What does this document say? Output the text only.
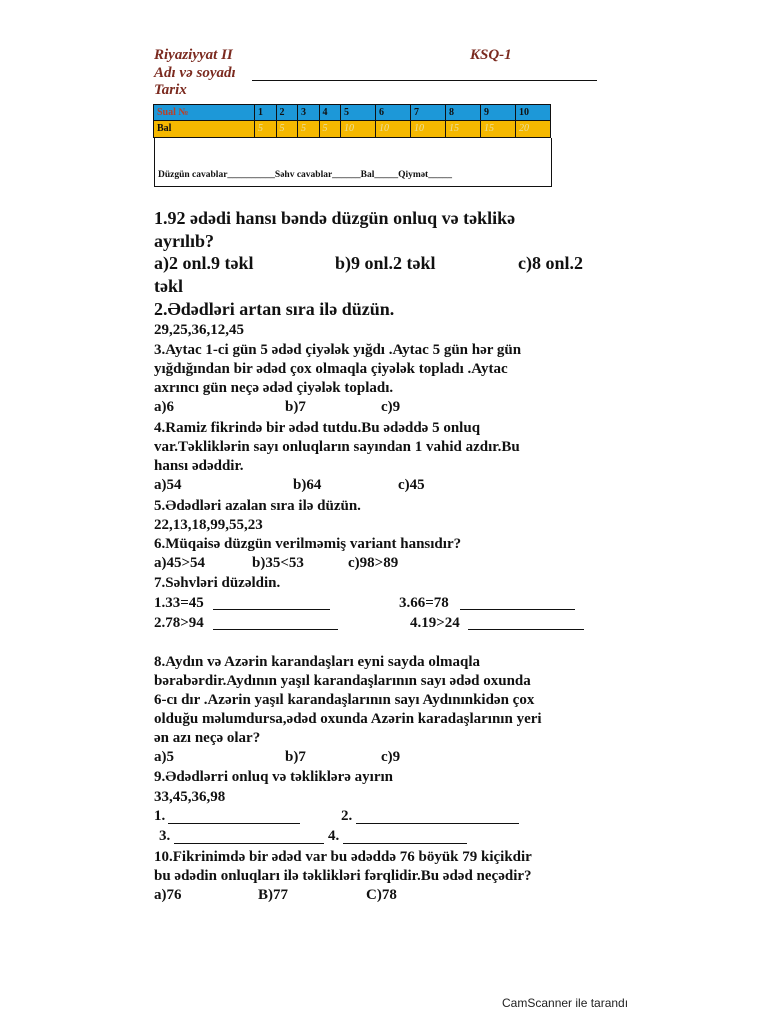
Riyaziyyat II	KSQ-1
Adı və soyadı
Tarix
Sual №	1	2	3	4	5	6	7	8	9	10
Bal	5	5	5	5	10	10	10	15	15	20
Düzgün cavablar__________Səhv cavablar______Bal_____Qiymət_____
1.92 ədədi hansı bəndə düzgün onluq və təklikə
ayrılıb?
a)2 onl.9 təkl	b)9 onl.2 təkl	c)8 onl.2
təkl
2.Ədədləri artan sıra ilə düzün.
29,25,36,12,45
3.Aytac 1-ci gün 5 ədəd çiyələk yığdı .Aytac 5 gün hər gün
yığdığından bir ədəd çox olmaqla çiyələk topladı .Aytac
axrıncı gün neçə ədəd çiyələk topladı.
a)6	b)7	c)9
4.Ramiz fikrində bir ədəd tutdu.Bu ədəddə 5 onluq
var.Təkliklərin sayı onluqların sayından 1 vahid azdır.Bu
hansı ədəddir.
a)54	b)64	c)45
5.Ədədləri azalan sıra ilə düzün.
22,13,18,99,55,23
6.Müqaisə düzgün verilməmiş variant hansıdır?
a)45>54	b)35<53	c)98>89
7.Səhvləri düzəldin.
1.33=45	3.66=78
2.78>94	4.19>24
8.Aydın və Azərin karandaşları eyni sayda olmaqla
bərabərdir.Aydının yaşıl karandaşlarının sayı ədəd oxunda
6-cı dır .Azərin yaşıl karandaşlarının sayı Aydınınkidən çox
olduğu məlumdursa,ədəd oxunda Azərin karadaşlarının yeri
ən azı neçə olar?
a)5	b)7	c)9
9.Ədədlərri onluq və təkliklərə ayırın
33,45,36,98
1.	2.
3.	4.
10.Fikrinimdə bir ədəd var bu ədəddə 76 böyük 79 kiçikdir
bu ədədin onluqları ilə təklikləri fərqlidir.Bu ədəd neçədir?
a)76	B)77	C)78
CamScanner ile tarandı
